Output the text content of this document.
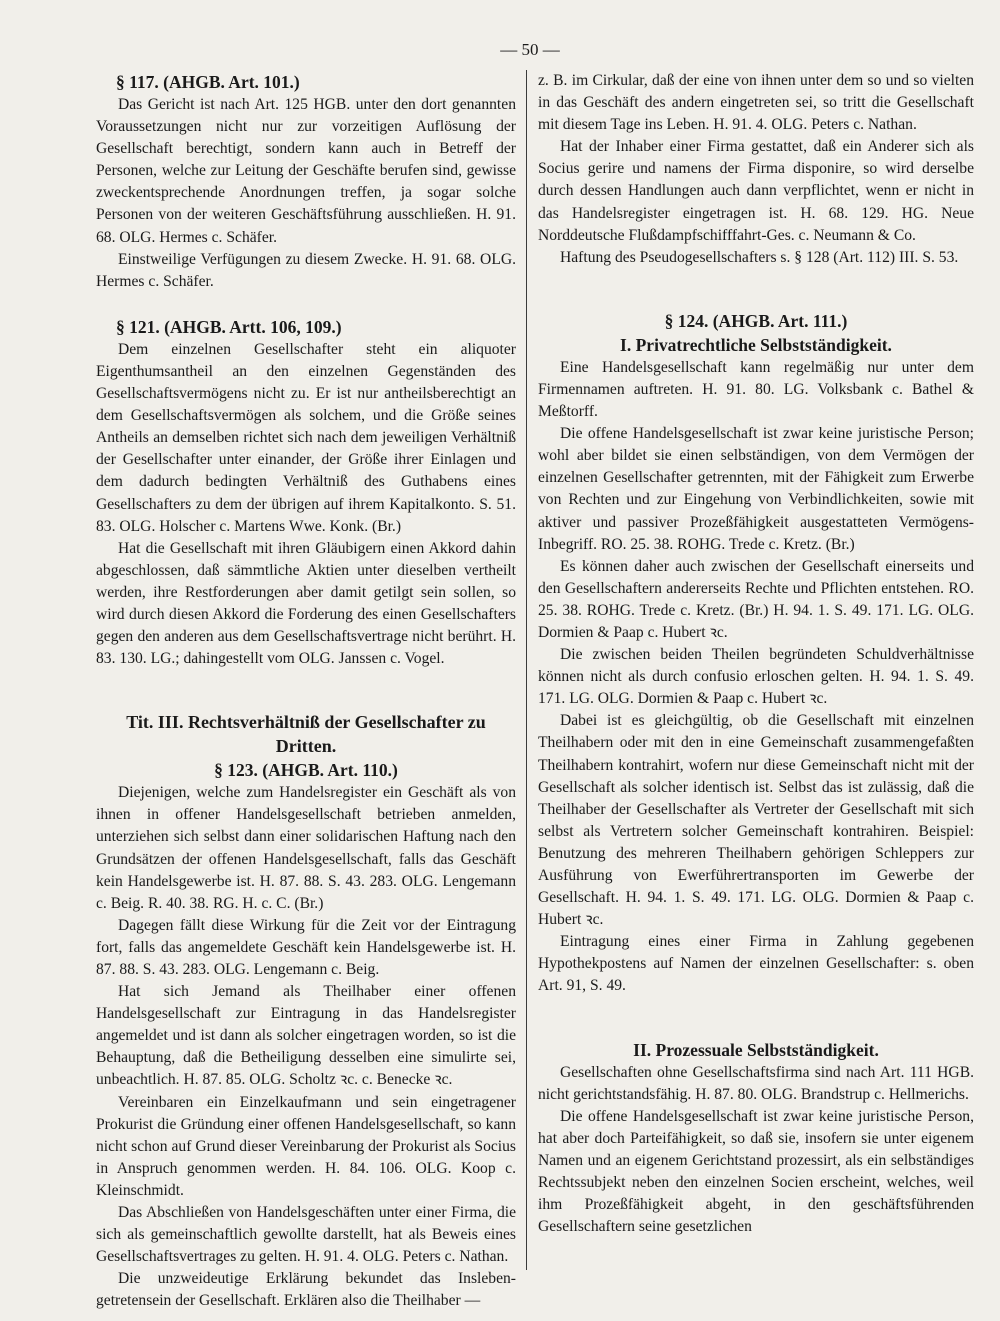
— 50 —
§ 117. (AHGB. Art. 101.)

Das Gericht ist nach Art. 125 HGB. unter den dort genannten Voraussetzungen nicht nur zur vorzeitigen Auflösung der Gesellschaft berechtigt, sondern kann auch in Betreff der Personen, welche zur Leitung der Geschäfte berufen sind, gewisse zweckentsprechende Anordnungen treffen, ja sogar solche Personen von der weiteren Geschäftsführung ausschließen. H. 91. 68. OLG. Hermes c. Schäfer.

Einstweilige Verfügungen zu diesem Zwecke. H. 91. 68. OLG. Hermes c. Schäfer.

§ 121. (AHGB. Artt. 106, 109.)

Dem einzelnen Gesellschafter steht ein aliquoter Eigenthumsantheil an den einzelnen Gegenständen des Gesellschaftsvermögens nicht zu. Er ist nur antheilsberechtigt an dem Gesellschaftsvermögen als solchem, und die Größe seines Antheils an demselben richtet sich nach dem jeweiligen Verhältniß der Gesellschafter unter einander, der Größe ihrer Einlagen und dem dadurch bedingten Verhältniß des Guthabens eines Gesellschafters zu dem der übrigen auf ihrem Kapitalkonto. S. 51. 83. OLG. Holscher c. Martens Wwe. Konk. (Br.)

Hat die Gesellschaft mit ihren Gläubigern einen Akkord dahin abgeschlossen, daß sämmtliche Aktien unter dieselben vertheilt werden, ihre Restforderungen aber damit getilgt sein sollen, so wird durch diesen Akkord die Forderung des einen Gesellschafters gegen den anderen aus dem Gesellschaftsvertrage nicht berührt. H. 83. 130. LG.; dahingestellt vom OLG. Janssen c. Vogel.

Tit. III. Rechtsverhältniß der Gesellschafter zu Dritten.
§ 123. (AHGB. Art. 110.)

Diejenigen, welche zum Handelsregister ein Geschäft als von ihnen in offener Handelsgesellschaft betrieben anmelden, unterziehen sich selbst dann einer solidarischen Haftung nach den Grundsätzen der offenen Handelsgesellschaft, falls das Geschäft kein Handelsgewerbe ist. H. 87. 88. S. 43. 283. OLG. Lengemann c. Beig. R. 40. 38. RG. H. c. C. (Br.)

Dagegen fällt diese Wirkung für die Zeit vor der Eintragung fort, falls das angemeldete Geschäft kein Handelsgewerbe ist. H. 87. 88. S. 43. 283. OLG. Lengemann c. Beig.

Hat sich Jemand als Theilhaber einer offenen Handelsgesellschaft zur Eintragung in das Handelsregister angemeldet und ist dann als solcher eingetragen worden, so ist die Behauptung, daß die Betheiligung desselben eine simulirte sei, unbeachtlich. H. 87. 85. OLG. Scholtz ꝛc. c. Benecke ꝛc.

Vereinbaren ein Einzelkaufmann und sein eingetragener Prokurist die Gründung einer offenen Handelsgesellschaft, so kann nicht schon auf Grund dieser Vereinbarung der Prokurist als Socius in Anspruch genommen werden. H. 84. 106. OLG. Koop c. Kleinschmidt.

Das Abschließen von Handelsgeschäften unter einer Firma, die sich als gemeinschaftlich gewollte darstellt, hat als Beweis eines Gesellschaftsvertrages zu gelten. H. 91. 4. OLG. Peters c. Nathan.

Die unzweideutige Erklärung bekundet das Insleben-getretensein der Gesellschaft. Erklären also die Theilhaber —

z. B. im Cirkular, daß der eine von ihnen unter dem so und so vielten in das Geschäft des andern eingetreten sei, so tritt die Gesellschaft mit diesem Tage ins Leben. H. 91. 4. OLG. Peters c. Nathan.

Hat der Inhaber einer Firma gestattet, daß ein Anderer sich als Socius gerire und namens der Firma disponire, so wird derselbe durch dessen Handlungen auch dann verpflichtet, wenn er nicht in das Handelsregister eingetragen ist. H. 68. 129. HG. Neue Norddeutsche Flußdampfschifffahrt-Ges. c. Neumann & Co.

Haftung des Pseudogesellschafters s. § 128 (Art. 112) III. S. 53.

§ 124. (AHGB. Art. 111.)
I. Privatrechtliche Selbstständigkeit.

Eine Handelsgesellschaft kann regelmäßig nur unter dem Firmennamen auftreten. H. 91. 80. LG. Volksbank c. Bathel & Meßtorff.

Die offene Handelsgesellschaft ist zwar keine juristische Person; wohl aber bildet sie einen selbständigen, von dem Vermögen der einzelnen Gesellschafter getrennten, mit der Fähigkeit zum Erwerbe von Rechten und zur Eingehung von Verbindlichkeiten, sowie mit aktiver und passiver Prozeßfähigkeit ausgestatteten Vermögens-Inbegriff. RO. 25. 38. ROHG. Trede c. Kretz. (Br.)

Es können daher auch zwischen der Gesellschaft einerseits und den Gesellschaftern andererseits Rechte und Pflichten entstehen. RO. 25. 38. ROHG. Trede c. Kretz. (Br.) H. 94. 1. S. 49. 171. LG. OLG. Dormien & Paap c. Hubert ꝛc.

Die zwischen beiden Theilen begründeten Schuldverhältnisse können nicht als durch confusio erloschen gelten. H. 94. 1. S. 49. 171. LG. OLG. Dormien & Paap c. Hubert ꝛc.

Dabei ist es gleichgültig, ob die Gesellschaft mit einzelnen Theilhabern oder mit den in eine Gemeinschaft zusammengefaßten Theilhabern kontrahirt, wofern nur diese Gemeinschaft nicht mit der Gesellschaft als solcher identisch ist. Selbst das ist zulässig, daß die Theilhaber der Gesellschafter als Vertreter der Gesellschaft mit sich selbst als Vertretern solcher Gemeinschaft kontrahiren. Beispiel: Benutzung des mehreren Theilhabern gehörigen Schleppers zur Ausführung von Ewerführertransporten im Gewerbe der Gesellschaft. H. 94. 1. S. 49. 171. LG. OLG. Dormien & Paap c. Hubert ꝛc.

Eintragung eines einer Firma in Zahlung gegebenen Hypothekpostens auf Namen der einzelnen Gesellschafter: s. oben Art. 91, S. 49.

II. Prozessuale Selbstständigkeit.

Gesellschaften ohne Gesellschaftsfirma sind nach Art. 111 HGB. nicht gerichtstandsfähig. H. 87. 80. OLG. Brandstrup c. Hellmerichs.

Die offene Handelsgesellschaft ist zwar keine juristische Person, hat aber doch Parteifähigkeit, so daß sie, insofern sie unter eigenem Namen und an eigenem Gerichtstand prozessirt, als ein selbständiges Rechtssubjekt neben den einzelnen Socien erscheint, welches, weil ihm Prozeßfähigkeit abgeht, in den geschäftsführenden Gesellschaftern seine gesetzlichen
